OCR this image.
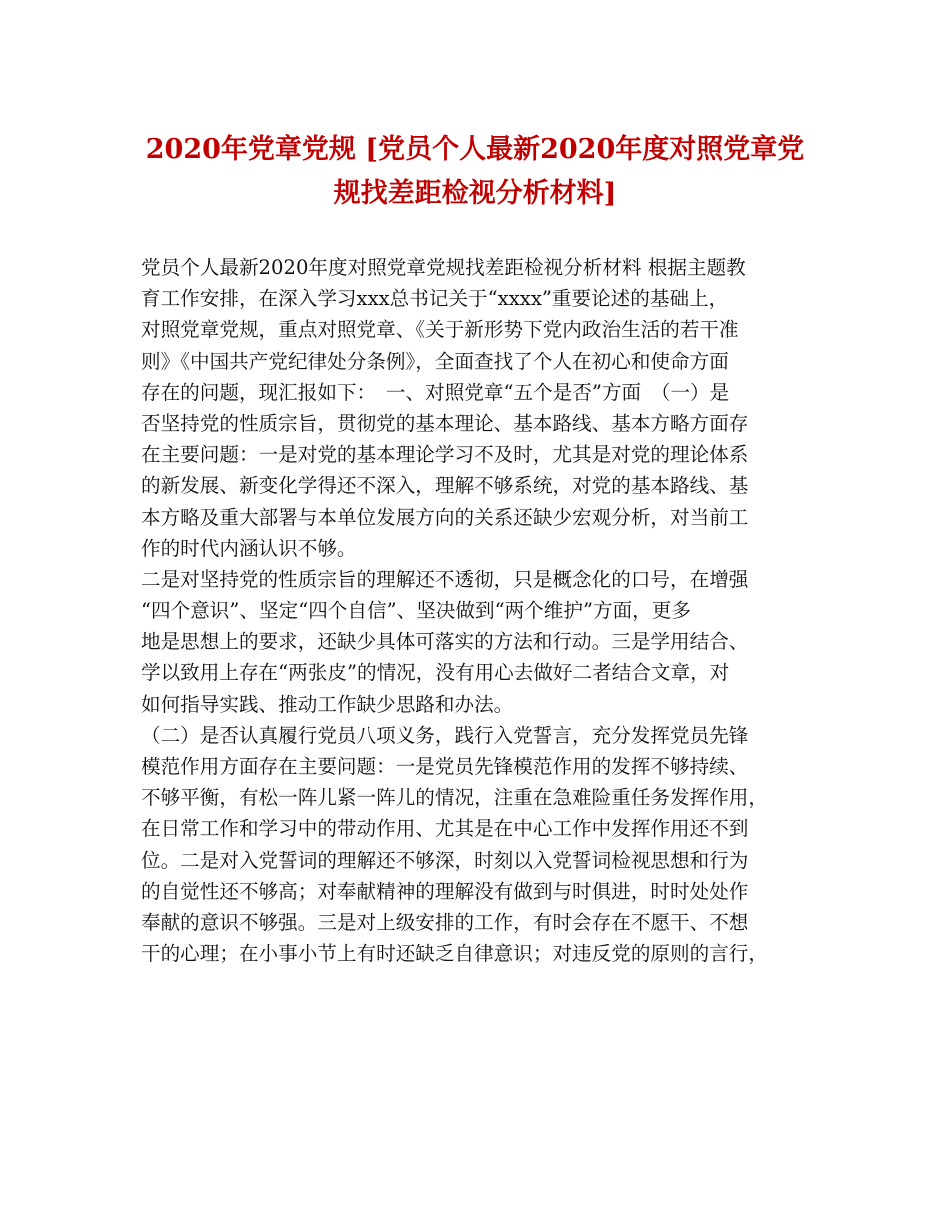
2020年党章党规 [党员个人最新2020年度对照党章党
规找差距检视分析材料]
党员个人最新2020年度对照党章党规找差距检视分析材料 根据主题教
育工作安排，在深入学习xxx总书记关于“xxxx”重要论述的基础上，
对照党章党规，重点对照党章、《关于新形势下党内政治生活的若干准
则》《中国共产党纪律处分条例》，全面查找了个人在初心和使命方面
存在的问题，现汇报如下：　一、对照党章“五个是否”方面　（一）是
否坚持党的性质宗旨，贯彻党的基本理论、基本路线、基本方略方面存
在主要问题：一是对党的基本理论学习不及时，尤其是对党的理论体系
的新发展、新变化学得还不深入，理解不够系统，对党的基本路线、基
本方略及重大部署与本单位发展方向的关系还缺少宏观分析，对当前工
作的时代内涵认识不够。
二是对坚持党的性质宗旨的理解还不透彻，只是概念化的口号，在增强
“四个意识”、坚定“四个自信”、坚决做到“两个维护”方面，更多
地是思想上的要求，还缺少具体可落实的方法和行动。三是学用结合、
学以致用上存在“两张皮”的情况，没有用心去做好二者结合文章，对
如何指导实践、推动工作缺少思路和办法。
（二）是否认真履行党员八项义务，践行入党誓言，充分发挥党员先锋
模范作用方面存在主要问题：一是党员先锋模范作用的发挥不够持续、
不够平衡，有松一阵儿紧一阵儿的情况，注重在急难险重任务发挥作用，
在日常工作和学习中的带动作用、尤其是在中心工作中发挥作用还不到
位。二是对入党誓词的理解还不够深，时刻以入党誓词检视思想和行为
的自觉性还不够高；对奉献精神的理解没有做到与时俱进，时时处处作
奉献的意识不够强。三是对上级安排的工作，有时会存在不愿干、不想
干的心理；在小事小节上有时还缺乏自律意识；对违反党的原则的言行，
